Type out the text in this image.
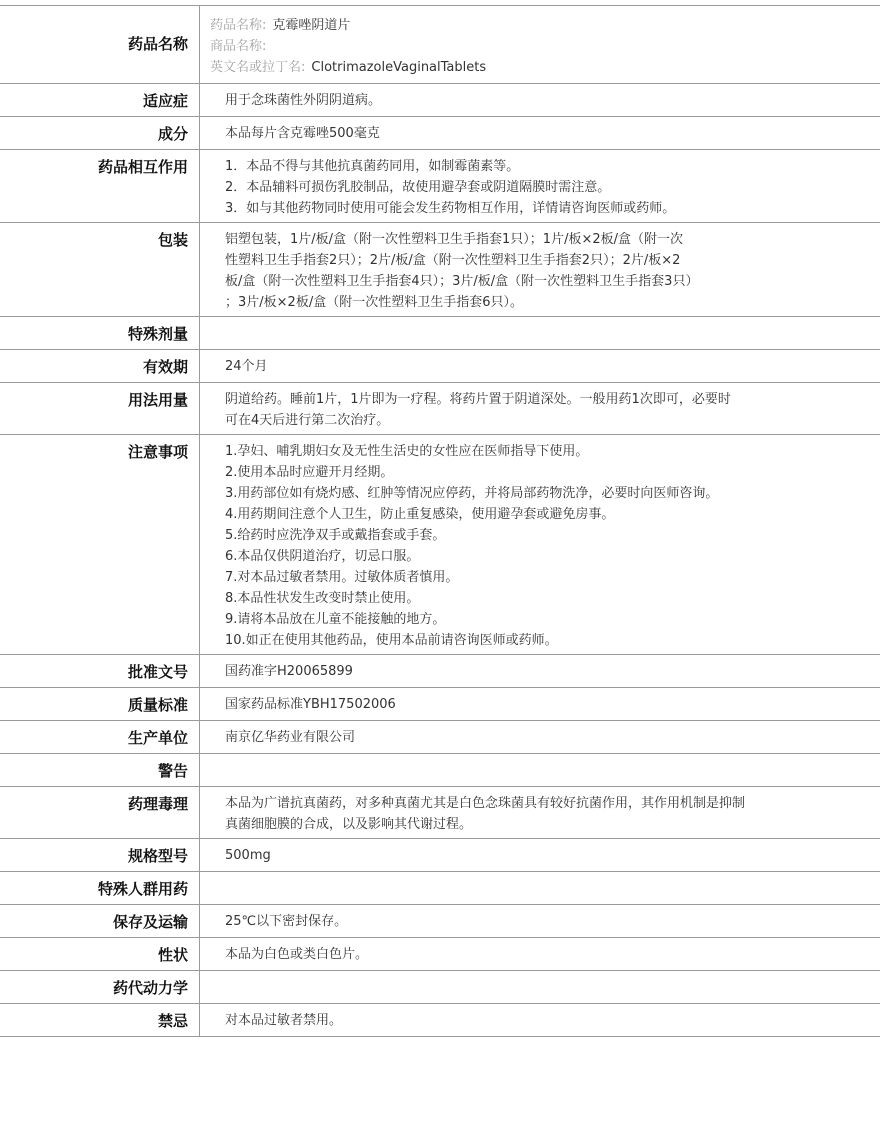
药品名称
药品名称: 克霉唑阴道片
商品名称:
英文名或拉丁名: ClotrimazoleVaginalTablets
适应症	用于念珠菌性外阴阴道病。
成分	本品每片含克霉唑500毫克
药品相互作用	1．本品不得与其他抗真菌药同用，如制霉菌素等。
2．本品辅料可损伤乳胶制品，故使用避孕套或阴道隔膜时需注意。
3．如与其他药物同时使用可能会发生药物相互作用，详情请咨询医师或药师。
包装	铝塑包装，1片/板/盒（附一次性塑料卫生手指套1只）；1片/板×2板/盒（附一次
性塑料卫生手指套2只）；2片/板/盒（附一次性塑料卫生手指套2只）；2片/板×2
板/盒（附一次性塑料卫生手指套4只）；3片/板/盒（附一次性塑料卫生手指套3只）
；3片/板×2板/盒（附一次性塑料卫生手指套6只）。
特殊剂量
有效期	24个月
用法用量	阴道给药。睡前1片，1片即为一疗程。将药片置于阴道深处。一般用药1次即可，必要时
可在4天后进行第二次治疗。
注意事项	1.孕妇、哺乳期妇女及无性生活史的女性应在医师指导下使用。
2.使用本品时应避开月经期。
3.用药部位如有烧灼感、红肿等情况应停药，并将局部药物洗净，必要时向医师咨询。
4.用药期间注意个人卫生，防止重复感染，使用避孕套或避免房事。
5.给药时应洗净双手或戴指套或手套。
6.本品仅供阴道治疗，切忌口服。
7.对本品过敏者禁用。过敏体质者慎用。
8.本品性状发生改变时禁止使用。
9.请将本品放在儿童不能接触的地方。
10.如正在使用其他药品，使用本品前请咨询医师或药师。
批准文号	国药准字H20065899
质量标准	国家药品标准YBH17502006
生产单位	南京亿华药业有限公司
警告
药理毒理	本品为广谱抗真菌药，对多种真菌尤其是白色念珠菌具有较好抗菌作用，其作用机制是抑制
真菌细胞膜的合成，以及影响其代谢过程。
规格型号	500mg
特殊人群用药
保存及运输	25℃以下密封保存。
性状	本品为白色或类白色片。
药代动力学
禁忌	对本品过敏者禁用。
